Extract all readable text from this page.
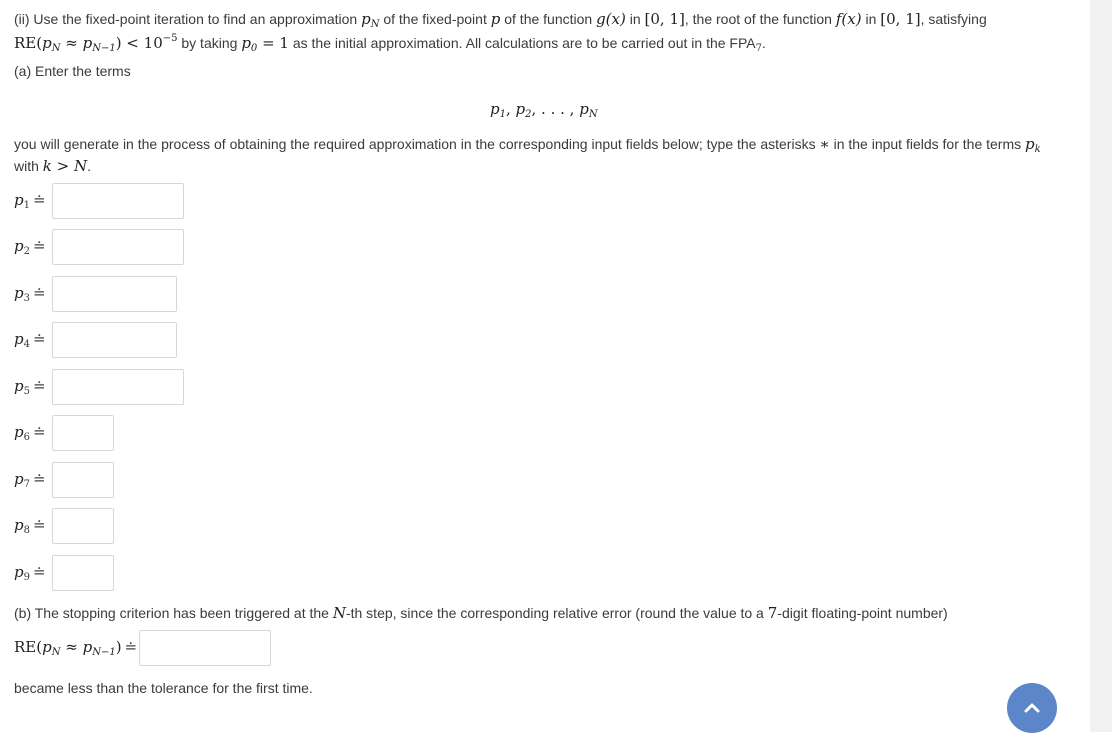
(ii) Use the fixed-point iteration to find an approximation $p_N$ of the fixed-point p of the function g(x) in [0, 1], the root of the function f(x) in [0, 1], satisfying
$RE(p_N \approx p_{N-1}) < 10^{-5}$ by taking $p_0 = 1$ as the initial approximation. All calculations are to be carried out in the $FPA_7$.
(a) Enter the terms
$p_1$, $p_2$, . . . , $p_N$
you will generate in the process of obtaining the required approximation in the corresponding input fields below; type the asterisks ∗ in the input fields for the terms $p_k$
with k > N.
$p_1$ ≐
$p_2$ ≐
$p_3$ ≐
$p_4$ ≐
$p_5$ ≐
$p_6$ ≐
$p_7$ ≐
$p_8$ ≐
$p_9$ ≐
(b) The stopping criterion has been triggered at the N-th step, since the corresponding relative error (round the value to a 7-digit floating-point number)
$RE(p_N \approx p_{N-1})$ ≐
became less than the tolerance for the first time.
